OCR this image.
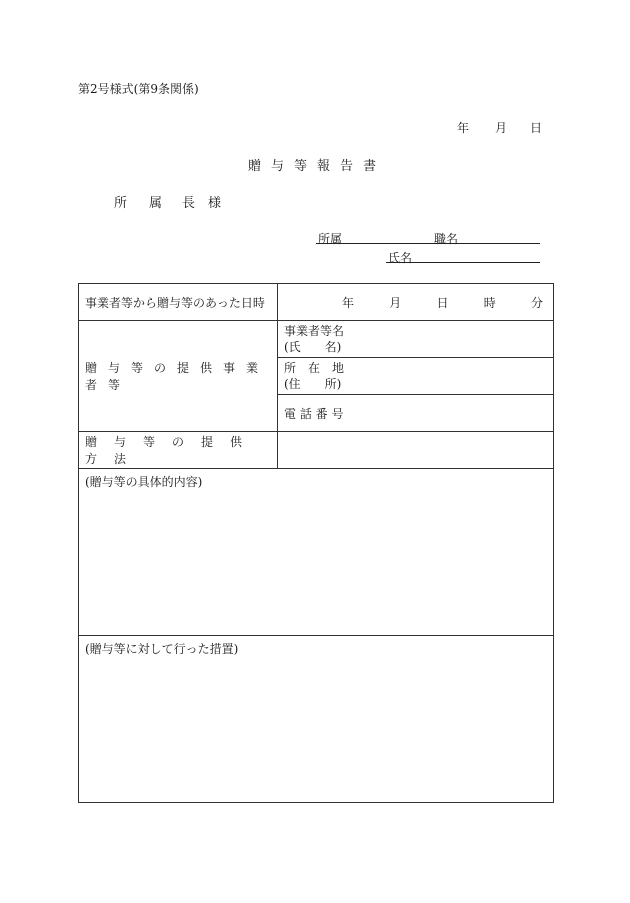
第2号様式(第9条関係)
年 月 日
贈与等報告書
所属
長 様
所属	職名
氏名
事業者等から贈与等のあった日時	年 月 日 時 分

贈与等の提供事業者等	事業者等名
(氏　　名)

	所　在　地
(住　　所)

	電 話 番 号
贈与等の提供方法	
(贈与等の具体的内容)	
(贈与等に対して行った措置)	
